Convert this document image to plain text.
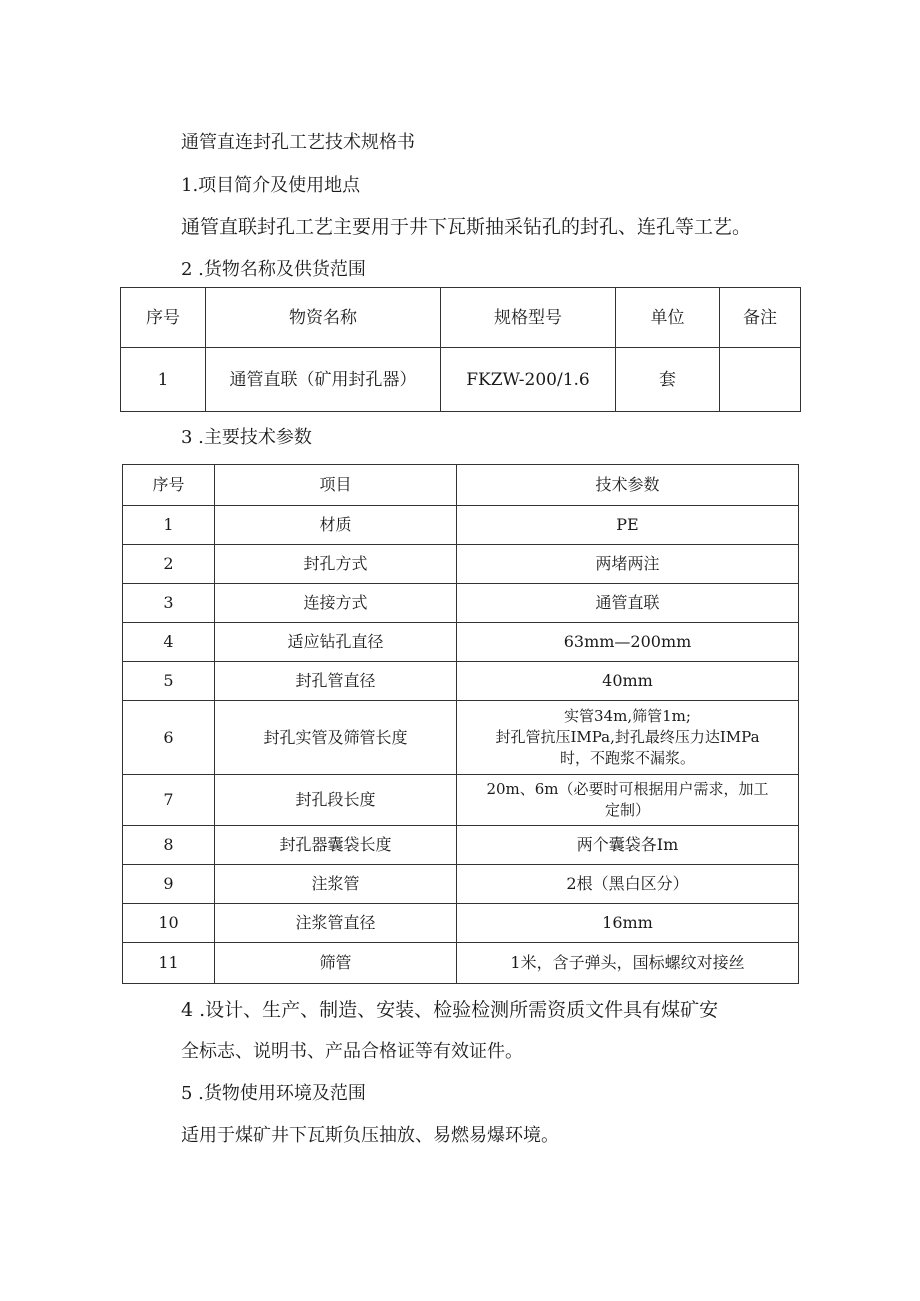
通管直连封孔工艺技术规格书
1.项目简介及使用地点
通管直联封孔工艺主要用于井下瓦斯抽采钻孔的封孔、连孔等工艺。
2 .货物名称及供货范围
序号	物资名称	规格型号	单位	备注
1	通管直联（矿用封孔器）	FKZW-200/1.6	套	
3 .主要技术参数
序号	项目	技术参数
1	材质	PE
2	封孔方式	两堵两注
3	连接方式	通管直联
4	适应钻孔直径	63mm—200mm
5	封孔管直径	40mm
6	封孔实管及筛管长度	实管34m,筛管1m;
封孔管抗压IMPa,封孔最终压力达IMPa
时，不跑浆不漏浆。

7	封孔段长度	20m、6m（必要时可根据用户需求，加工
定制）

8	封孔器囊袋长度	两个囊袋各Im
9	注浆管	2根（黑白区分）
10	注浆管直径	16mm
11	筛管	1米，含子弹头，国标螺纹对接丝
4 .设计、生产、制造、安装、检验检测所需资质文件具有煤矿安
全标志、说明书、产品合格证等有效证件。
5 .货物使用环境及范围
适用于煤矿井下瓦斯负压抽放、易燃易爆环境。
